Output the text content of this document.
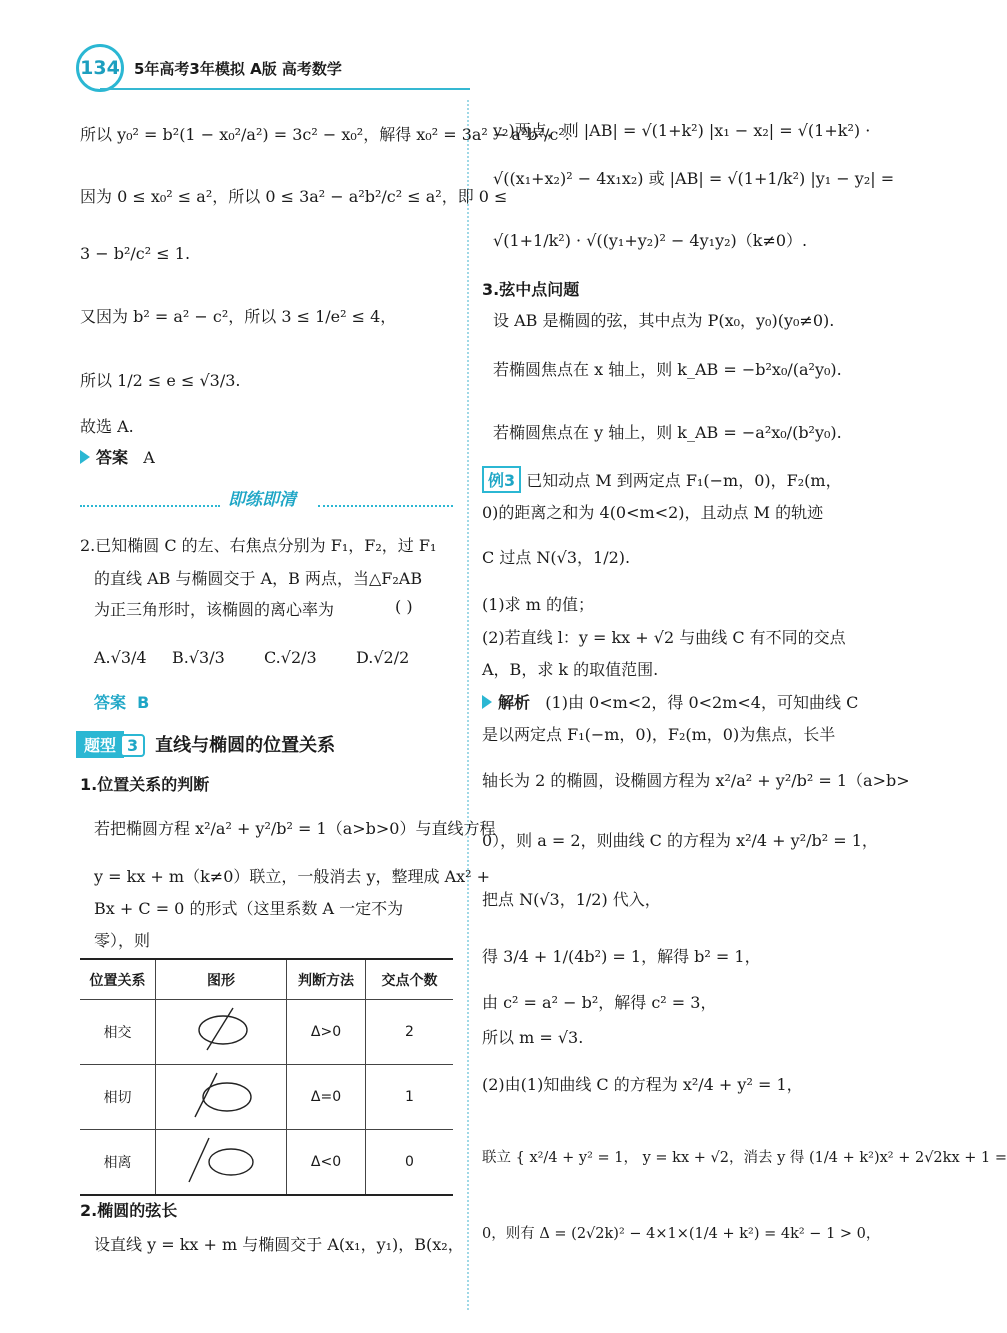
134 5年高考3年模拟 A版 高考数学
所以 y₀² = b²(1 − x₀²/a²) = 3c² − x₀²，解得 x₀² = 3a² − a²b²/c².
因为 0 ≤ x₀² ≤ a²，所以 0 ≤ 3a² − a²b²/c² ≤ a²，即 0 ≤
3 − b²/c² ≤ 1.
又因为 b² = a² − c²，所以 3 ≤ 1/e² ≤ 4，
所以 1/2 ≤ e ≤ √3/3.
故选 A.
答案 A
即练即清
2.已知椭圆 C 的左、右焦点分别为 F₁，F₂，过 F₁
的直线 AB 与椭圆交于 A，B 两点，当△F₂AB
为正三角形时，该椭圆的离心率为	( )
A.√3/4 B.√3/3 C.√2/3 D.√2/2
答案 B
题型 3 直线与椭圆的位置关系
1.位置关系的判断
若把椭圆方程 x²/a² + y²/b² = 1（a>b>0）与直线方程
y = kx + m（k≠0）联立，一般消去 y，整理成 Ax² +
Bx + C = 0 的形式（这里系数 A 一定不为
零），则
位置关系	图形	判断方法	交点个数
相交		Δ>0	2
相切		Δ=0	1
相离		Δ<0	0
2.椭圆的弦长
设直线 y = kx + m 与椭圆交于 A(x₁，y₁)，B(x₂，
y₂)两点，则 |AB| = √(1+k²) |x₁ − x₂| = √(1+k²) ·
√((x₁+x₂)² − 4x₁x₂) 或 |AB| = √(1+1/k²) |y₁ − y₂| =
√(1+1/k²) · √((y₁+y₂)² − 4y₁y₂)（k≠0）.
3.弦中点问题
设 AB 是椭圆的弦，其中点为 P(x₀，y₀)(y₀≠0).
若椭圆焦点在 x 轴上，则 k_AB = −b²x₀/(a²y₀).
若椭圆焦点在 y 轴上，则 k_AB = −a²x₀/(b²y₀).
例3 已知动点 M 到两定点 F₁(−m，0)，F₂(m，
0)的距离之和为 4(0<m<2)，且动点 M 的轨迹
C 过点 N(√3，1/2).
(1)求 m 的值；
(2)若直线 l：y = kx + √2 与曲线 C 有不同的交点
A，B，求 k 的取值范围.
解析 (1)由 0<m<2，得 0<2m<4，可知曲线 C
是以两定点 F₁(−m，0)，F₂(m，0)为焦点，长半
轴长为 2 的椭圆，设椭圆方程为 x²/a² + y²/b² = 1（a>b>
0），则 a = 2，则曲线 C 的方程为 x²/4 + y²/b² = 1，
把点 N(√3，1/2) 代入，
得 3/4 + 1/(4b²) = 1，解得 b² = 1，
由 c² = a² − b²，解得 c² = 3，
所以 m = √3.
(2)由(1)知曲线 C 的方程为 x²/4 + y² = 1，
联立 { x²/4 + y² = 1， y = kx + √2，消去 y 得 (1/4 + k²)x² + 2√2kx + 1 =
0，则有 Δ = (2√2k)² − 4×1×(1/4 + k²) = 4k² − 1 > 0，
